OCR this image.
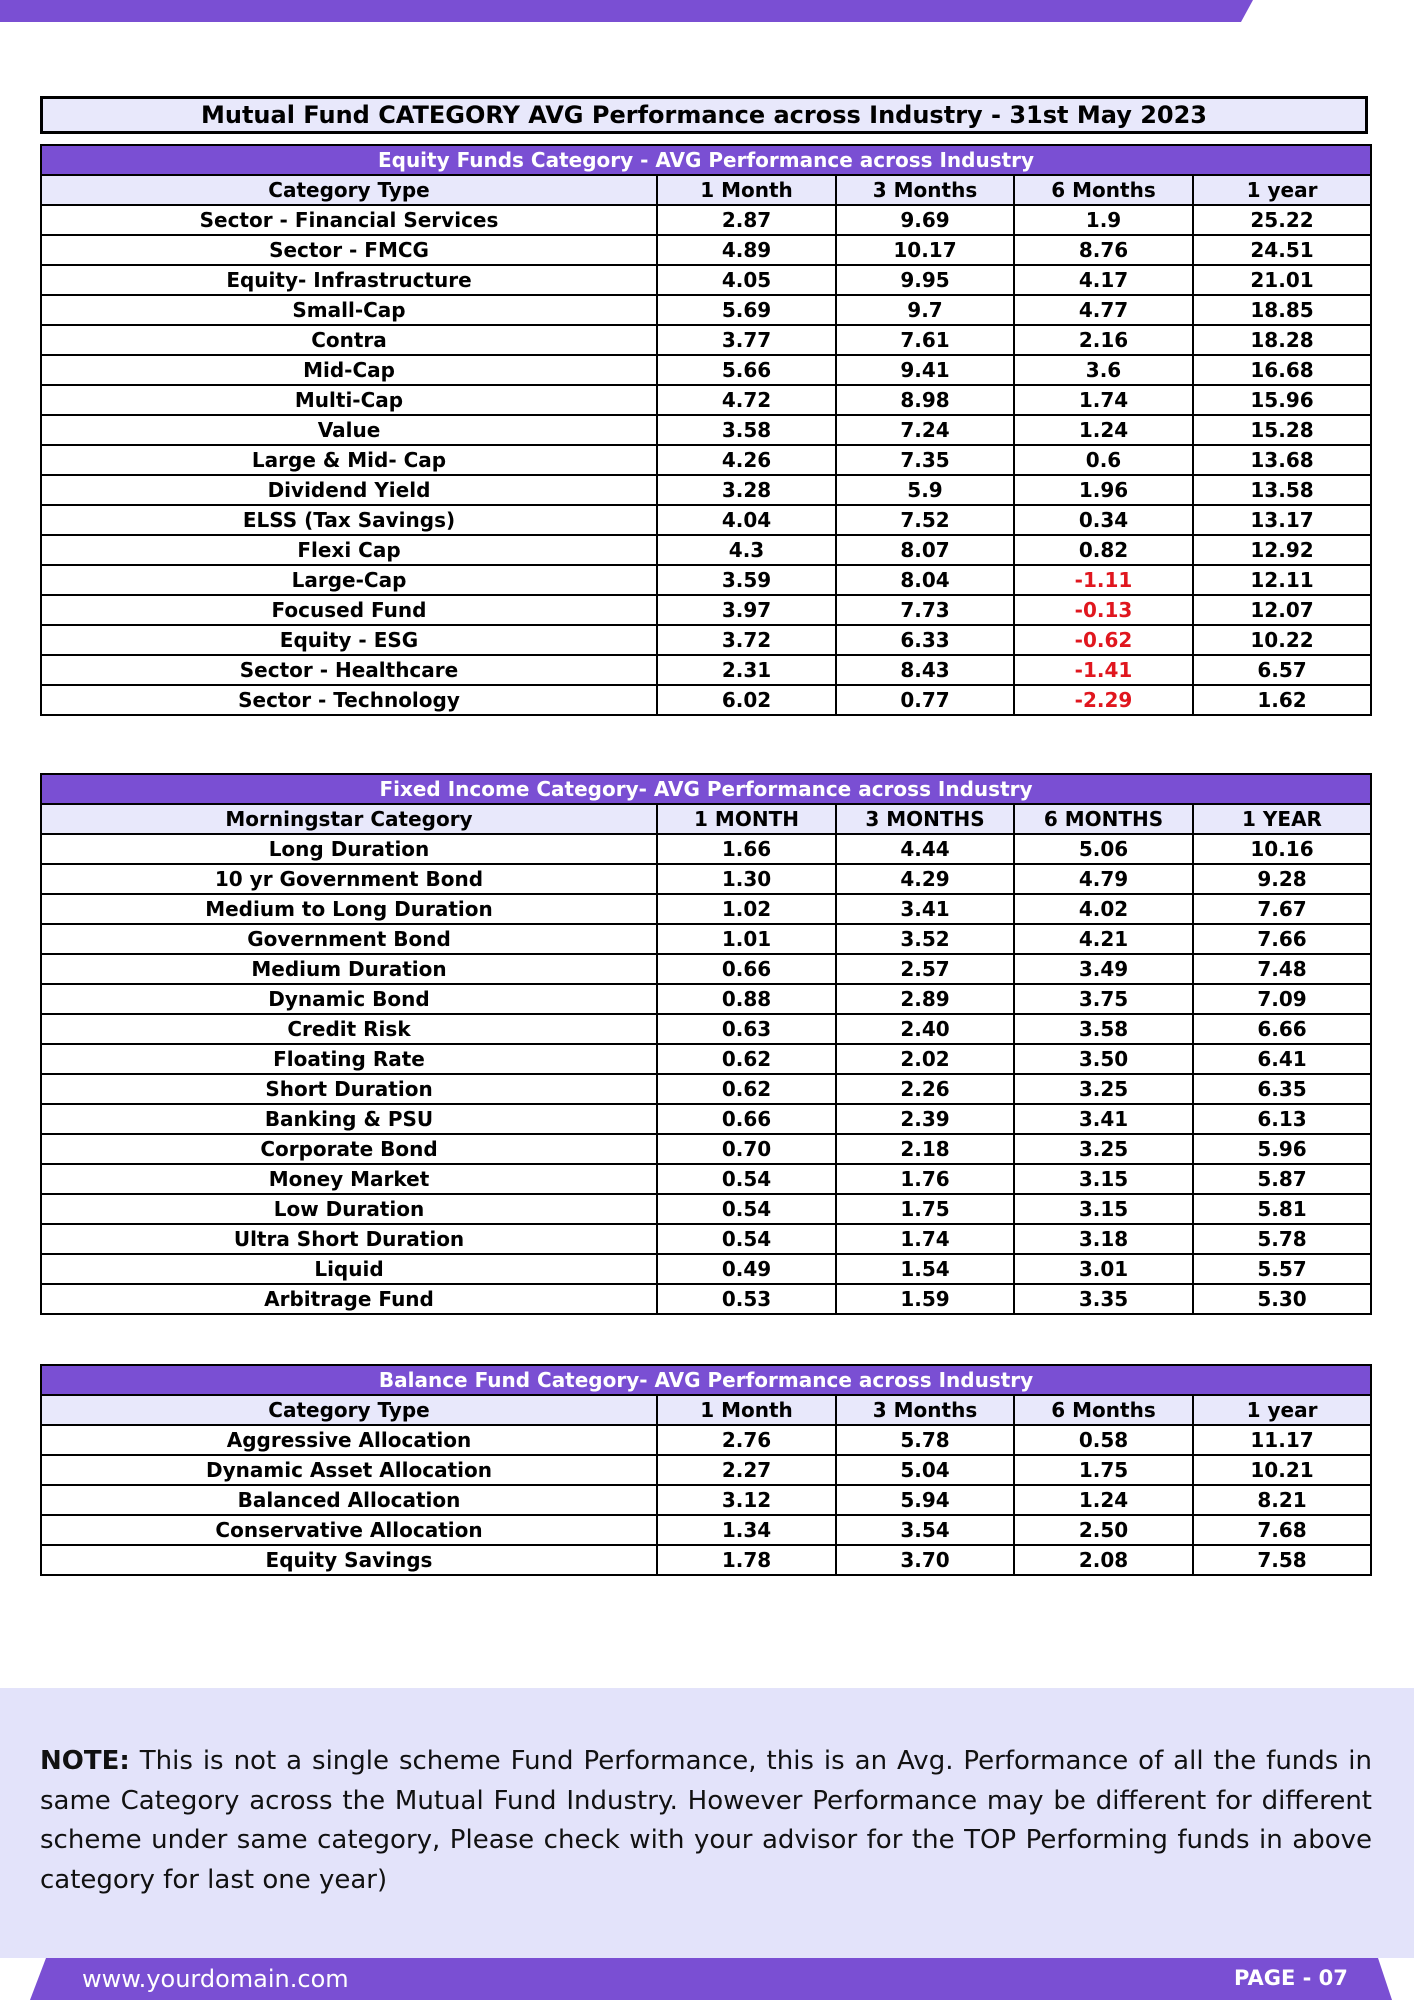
Mutual Fund CATEGORY AVG Performance across Industry - 31st May 2023
Equity Funds Category - AVG Performance across Industry				
Category Type	1 Month	3 Months	6 Months	1 year
Sector - Financial Services	2.87	9.69	1.9	25.22
Sector - FMCG	4.89	10.17	8.76	24.51
Equity- Infrastructure	4.05	9.95	4.17	21.01
Small-Cap	5.69	9.7	4.77	18.85
Contra	3.77	7.61	2.16	18.28
Mid-Cap	5.66	9.41	3.6	16.68
Multi-Cap	4.72	8.98	1.74	15.96
Value	3.58	7.24	1.24	15.28
Large & Mid- Cap	4.26	7.35	0.6	13.68
Dividend Yield	3.28	5.9	1.96	13.58
ELSS (Tax Savings)	4.04	7.52	0.34	13.17
Flexi Cap	4.3	8.07	0.82	12.92
Large-Cap	3.59	8.04	-1.11	12.11
Focused Fund	3.97	7.73	-0.13	12.07
Equity - ESG	3.72	6.33	-0.62	10.22
Sector - Healthcare	2.31	8.43	-1.41	6.57
Sector - Technology	6.02	0.77	-2.29	1.62
Fixed Income Category- AVG Performance across Industry				
Morningstar Category	1 MONTH	3 MONTHS	6 MONTHS	1 YEAR
Long Duration	1.66	4.44	5.06	10.16
10 yr Government Bond	1.30	4.29	4.79	9.28
Medium to Long Duration	1.02	3.41	4.02	7.67
Government Bond	1.01	3.52	4.21	7.66
Medium Duration	0.66	2.57	3.49	7.48
Dynamic Bond	0.88	2.89	3.75	7.09
Credit Risk	0.63	2.40	3.58	6.66
Floating Rate	0.62	2.02	3.50	6.41
Short Duration	0.62	2.26	3.25	6.35
Banking & PSU	0.66	2.39	3.41	6.13
Corporate Bond	0.70	2.18	3.25	5.96
Money Market	0.54	1.76	3.15	5.87
Low Duration	0.54	1.75	3.15	5.81
Ultra Short Duration	0.54	1.74	3.18	5.78
Liquid	0.49	1.54	3.01	5.57
Arbitrage Fund	0.53	1.59	3.35	5.30
Balance Fund Category- AVG Performance across Industry				
Category Type	1 Month	3 Months	6 Months	1 year
Aggressive Allocation	2.76	5.78	0.58	11.17
Dynamic Asset Allocation	2.27	5.04	1.75	10.21
Balanced Allocation	3.12	5.94	1.24	8.21
Conservative Allocation	1.34	3.54	2.50	7.68
Equity Savings	1.78	3.70	2.08	7.58
NOTE: This is not a single scheme Fund Performance, this is an Avg. Performance of all the funds in same Category across the Mutual Fund Industry. However Performance may be different for different scheme under same category, Please check with your advisor for the TOP Performing funds in above category for last one year)
www.yourdomain.com	PAGE - 07
